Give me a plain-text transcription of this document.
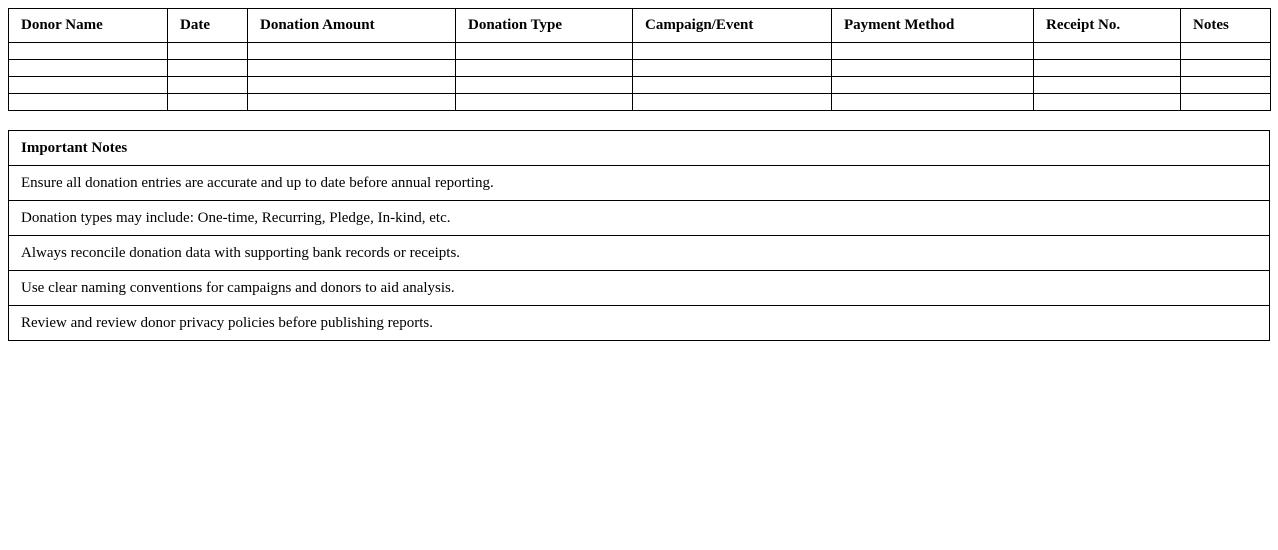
Donor Name	Date	Donation Amount	Donation Type	Campaign/Event	Payment Method	Receipt No.	Notes

Important Notes
Ensure all donation entries are accurate and up to date before annual reporting.
Donation types may include: One-time, Recurring, Pledge, In-kind, etc.
Always reconcile donation data with supporting bank records or receipts.
Use clear naming conventions for campaigns and donors to aid analysis.
Review and review donor privacy policies before publishing reports.
